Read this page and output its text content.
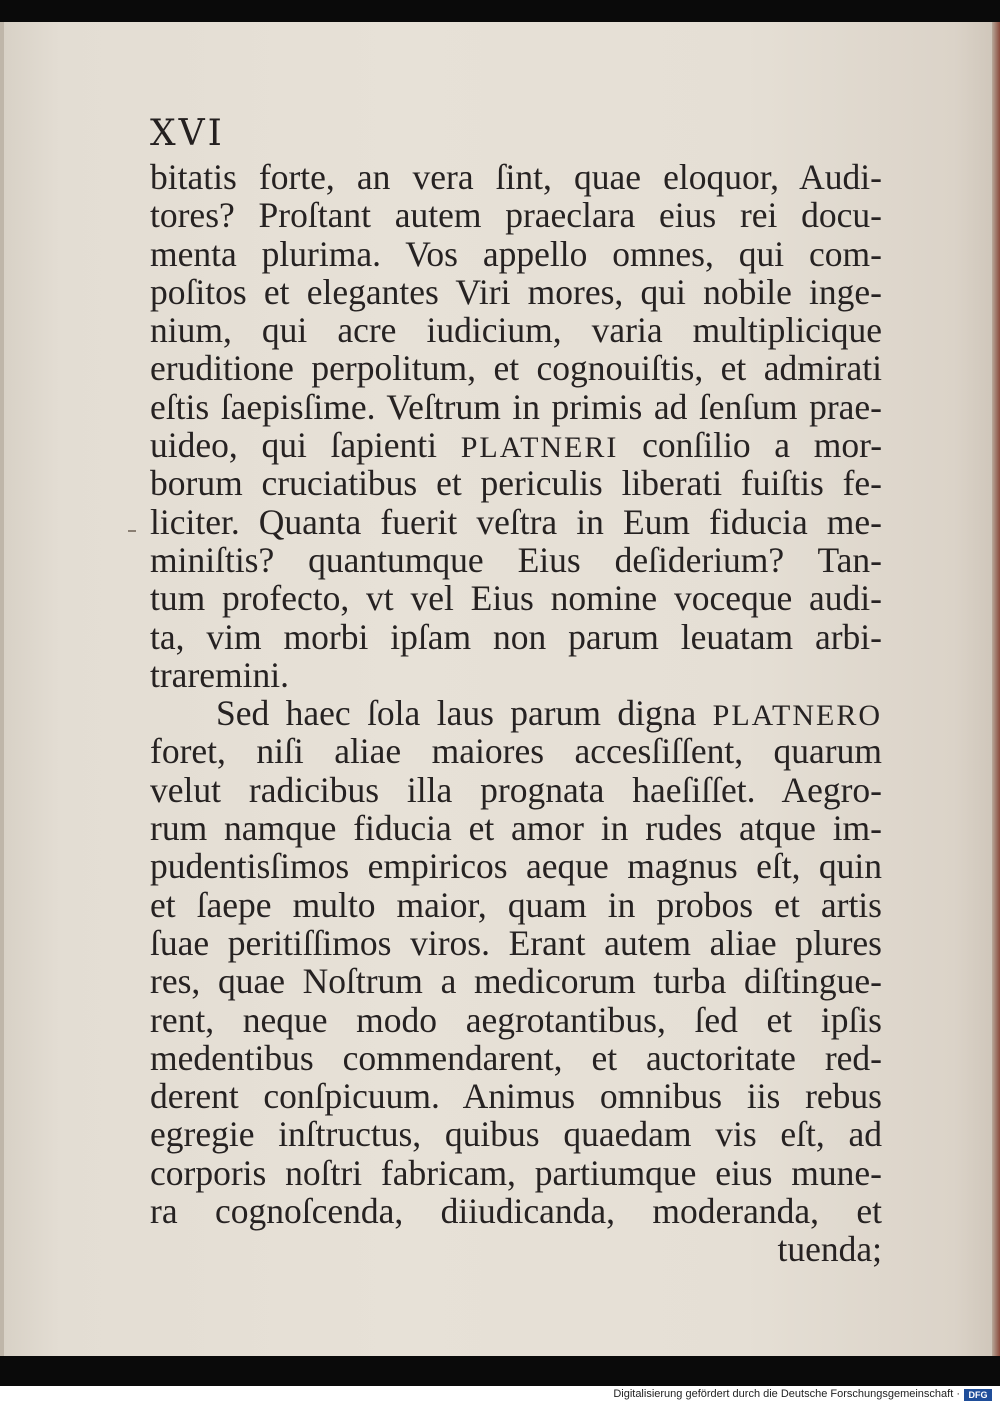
XVI
bitatis forte, an vera ſint, quae eloquor, Audi-
tores? Proſtant autem praeclara eius rei docu-
menta plurima. Vos appello omnes, qui com-
poſitos et elegantes Viri mores, qui nobile inge-
nium, qui acre iudicium, varia multiplicique
eruditione perpolitum, et cognouiſtis, et admirati
eſtis ſaepisſime. Veſtrum in primis ad ſenſum prae-
uideo, qui ſapienti PLATNERI conſilio a mor-
borum cruciatibus et periculis liberati fuiſtis fe-
liciter. Quanta fuerit veſtra in Eum fiducia me-
miniſtis? quantumque Eius deſiderium? Tan-
tum profecto, vt vel Eius nomine voceque audi-
ta, vim morbi ipſam non parum leuatam arbi-
traremini.
Sed haec ſola laus parum digna PLATNERO
foret, niſi aliae maiores accesſiſſent, quarum
velut radicibus illa prognata haeſiſſet. Aegro-
rum namque fiducia et amor in rudes atque im-
pudentisſimos empiricos aeque magnus eſt, quin
et ſaepe multo maior, quam in probos et artis
ſuae peritiſſimos viros. Erant autem aliae plures
res, quae Noſtrum a medicorum turba diſtingue-
rent, neque modo aegrotantibus, ſed et ipſis
medentibus commendarent, et auctoritate red-
derent conſpicuum. Animus omnibus iis rebus
egregie inſtructus, quibus quaedam vis eſt, ad
corporis noſtri fabricam, partiumque eius mune-
ra cognoſcenda, diiudicanda, moderanda, et
tuenda;
Digitalisierung gefördert durch die Deutsche Forschungsgemeinschaft · DFG
